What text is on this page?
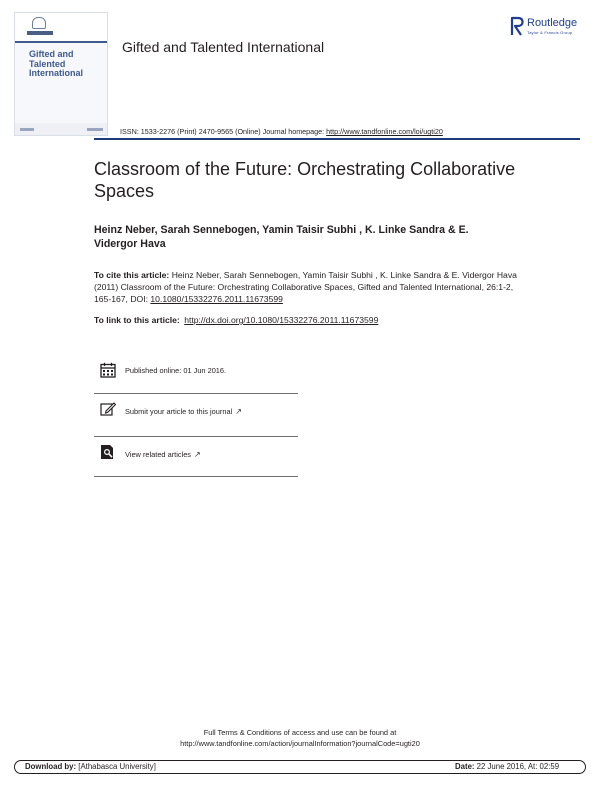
Gifted and
Talented
International
Gifted and Talented International
Routledge
Taylor & Francis Group
ISSN: 1533-2276 (Print) 2470-9565 (Online) Journal homepage: http://www.tandfonline.com/loi/ugti20
Classroom of the Future: Orchestrating Collaborative Spaces
Heinz Neber, Sarah Sennebogen, Yamin Taisir Subhi , K. Linke Sandra & E. Vidergor Hava
To cite this article: Heinz Neber, Sarah Sennebogen, Yamin Taisir Subhi , K. Linke Sandra & E. Vidergor Hava (2011) Classroom of the Future: Orchestrating Collaborative Spaces, Gifted and Talented International, 26:1-2, 165-167, DOI: 10.1080/15332276.2011.11673599
To link to this article: http://dx.doi.org/10.1080/15332276.2011.11673599
Published online: 01 Jun 2016.
Submit your article to this journal ↗
View related articles ↗
Full Terms & Conditions of access and use can be found at
http://www.tandfonline.com/action/journalInformation?journalCode=ugti20
Download by: [Athabasca University]	Date: 22 June 2016, At: 02:59
